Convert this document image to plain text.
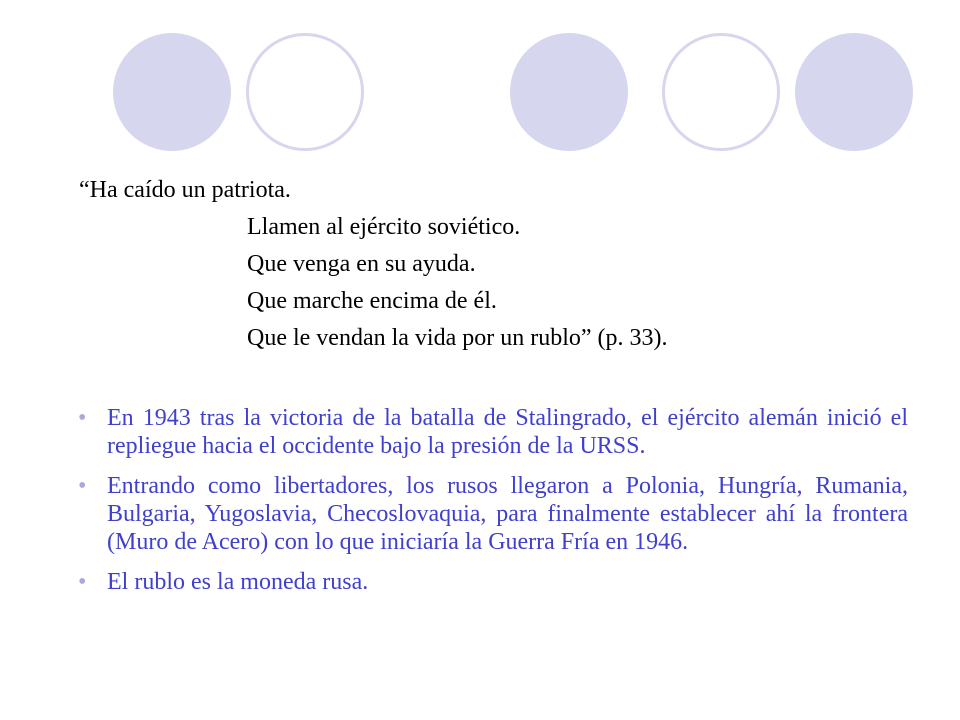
“Ha caído un patriota.
Llamen al ejército soviético.
Que venga en su ayuda.
Que marche encima de él.
Que le vendan la vida por un rublo” (p. 33).
• En 1943 tras la victoria de la batalla de Stalingrado, el ejército alemán inició el repliegue hacia el occidente bajo la presión de la URSS.
• Entrando como libertadores, los rusos llegaron a Polonia, Hungría, Rumania, Bulgaria, Yugoslavia, Checoslovaquia, para finalmente establecer ahí la frontera (Muro de Acero) con lo que iniciaría la Guerra Fría en 1946.
• El rublo es la moneda rusa.
